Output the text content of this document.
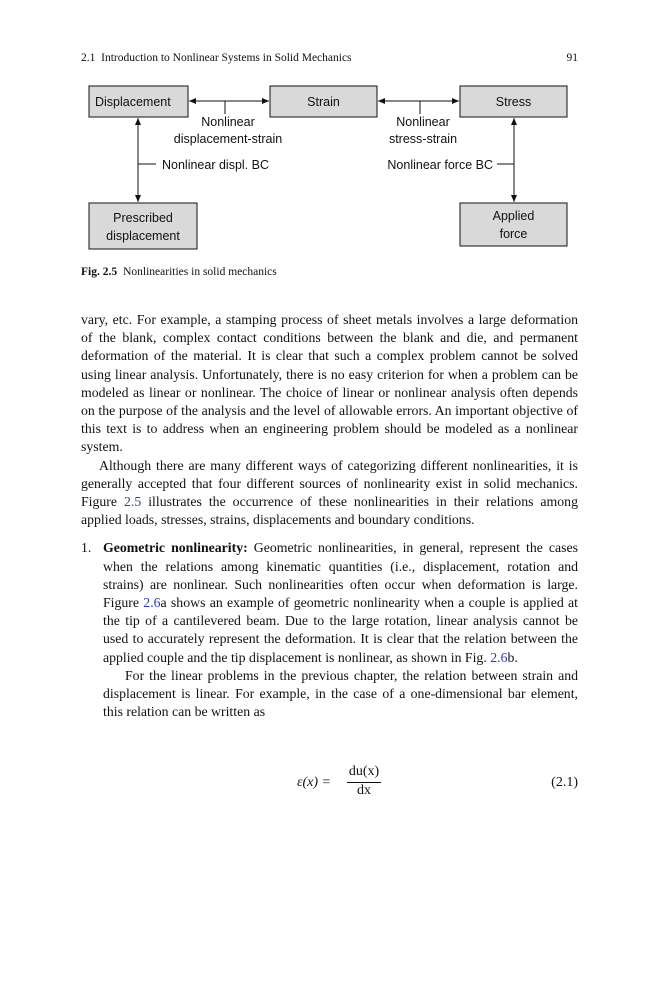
2.1 Introduction to Nonlinear Systems in Solid Mechanics	91
Displacement	Strain	Stress
Prescribed
displacement
Applied
force
Nonlinear
displacement-strain
Nonlinear
stress-strain
Nonlinear displ. BC	Nonlinear force BC
Fig. 2.5 Nonlinearities in solid mechanics

vary, etc. For example, a stamping process of sheet metals involves a large deformation of the blank, complex contact conditions between the blank and die, and permanent deformation of the material. It is clear that such a complex problem cannot be solved using linear analysis. Unfortunately, there is no easy criterion for when a problem can be modeled as linear or nonlinear. The choice of linear or nonlinear analysis often depends on the purpose of the analysis and the level of allowable errors. An important objective of this text is to address when an engineering problem should be modeled as a nonlinear system.

Although there are many different ways of categorizing different nonlinearities, it is generally accepted that four different sources of nonlinearity exist in solid mechanics. Figure 2.5 illustrates the occurrence of these nonlinearities in their relations among applied loads, stresses, strains, displacements and boundary conditions.

1. Geometric nonlinearity: Geometric nonlinearities, in general, represent the cases when the relations among kinematic quantities (i.e., displacement, rotation and strains) are nonlinear. Such nonlinearities often occur when deformation is large. Figure 2.6a shows an example of geometric nonlinearity when a couple is applied at the tip of a cantilevered beam. Due to the large rotation, linear analysis cannot be used to accurately represent the deformation. It is clear that the relation between the applied couple and the tip displacement is nonlinear, as shown in Fig. 2.6b.

For the linear problems in the previous chapter, the relation between strain and displacement is linear. For example, in the case of a one-dimensional bar element, this relation can be written as

ε(x) =
du(x)
dx
(2.1)
